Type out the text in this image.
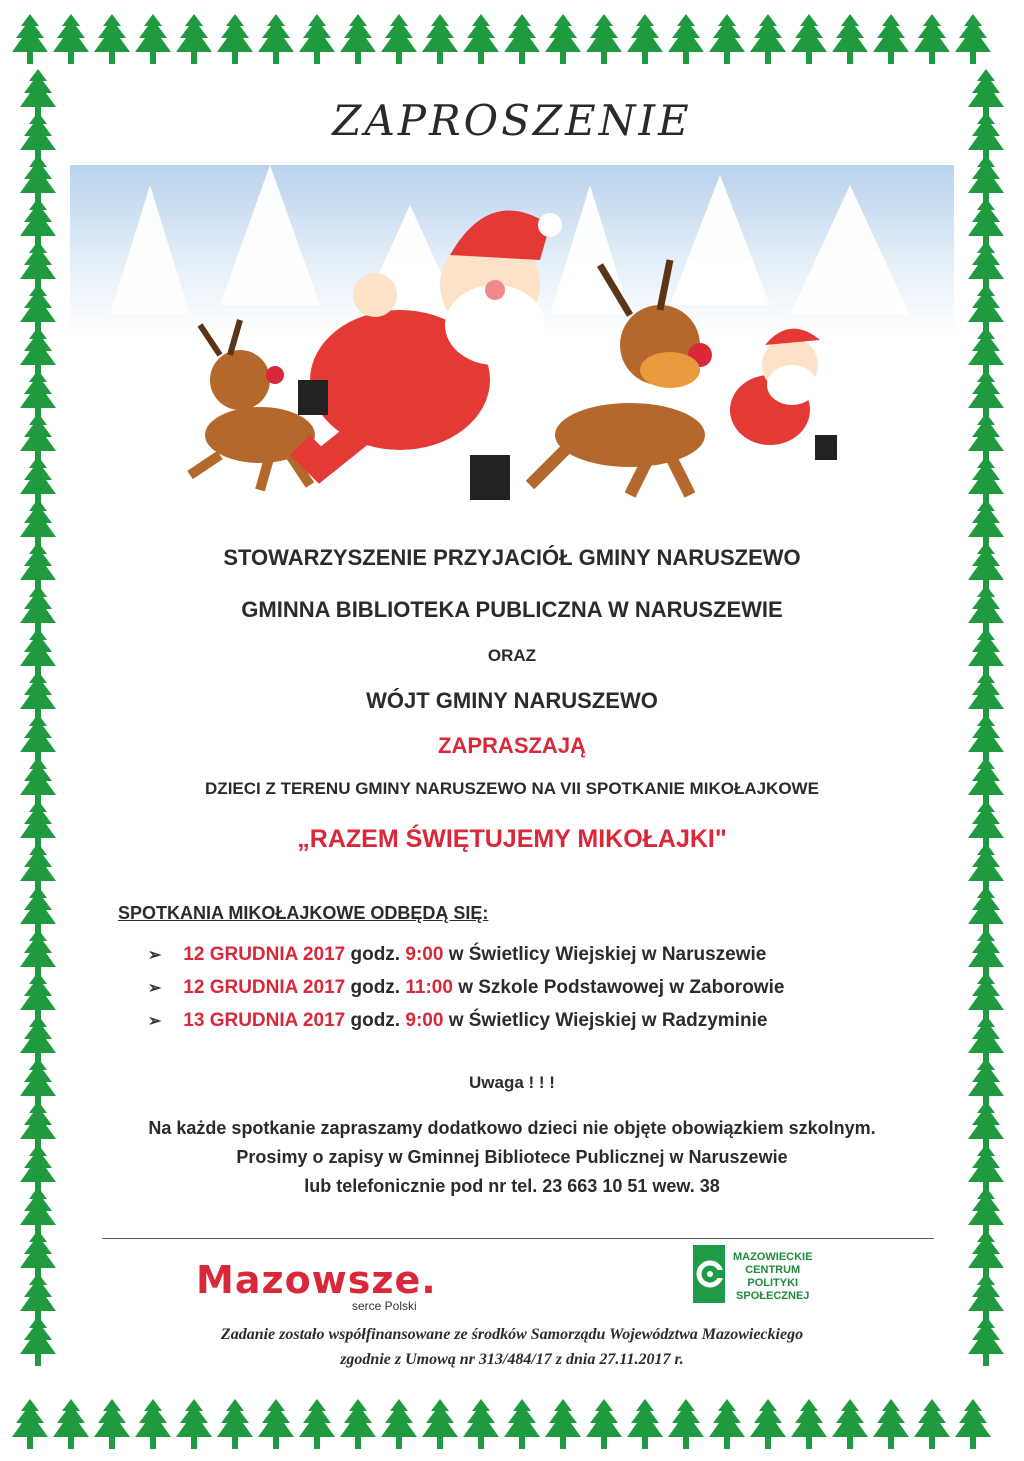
ZAPROSZENIE
STOWARZYSZENIE PRZYJACIÓŁ GMINY NARUSZEWO
GMINNA BIBLIOTEKA PUBLICZNA W NARUSZEWIE
ORAZ
WÓJT GMINY NARUSZEWO
ZAPRASZAJĄ
DZIECI Z TERENU GMINY NARUSZEWO NA VII SPOTKANIE MIKOŁAJKOWE
„RAZEM ŚWIĘTUJEMY MIKOŁAJKI"
SPOTKANIA MIKOŁAJKOWE ODBĘDĄ SIĘ:
➢ 12 GRUDNIA 2017 godz. 9:00 w Świetlicy Wiejskiej w Naruszewie
➢ 12 GRUDNIA 2017 godz. 11:00 w Szkole Podstawowej w Zaborowie
➢ 13 GRUDNIA 2017 godz. 9:00 w Świetlicy Wiejskiej w Radzyminie
Uwaga ! ! !
Na każde spotkanie zapraszamy dodatkowo dzieci nie objęte obowiązkiem szkolnym.
Prosimy o zapisy w Gminnej Bibliotece Publicznej w Naruszewie
lub telefonicznie pod nr tel. 23 663 10 51 wew. 38
Mazowsze.
serce Polski
MAZOWIECKIE
CENTRUM
POLITYKI
SPOŁECZNEJ
Zadanie zostało współfinansowane ze środków Samorządu Województwa Mazowieckiego
zgodnie z Umową nr 313/484/17 z dnia 27.11.2017 r.
